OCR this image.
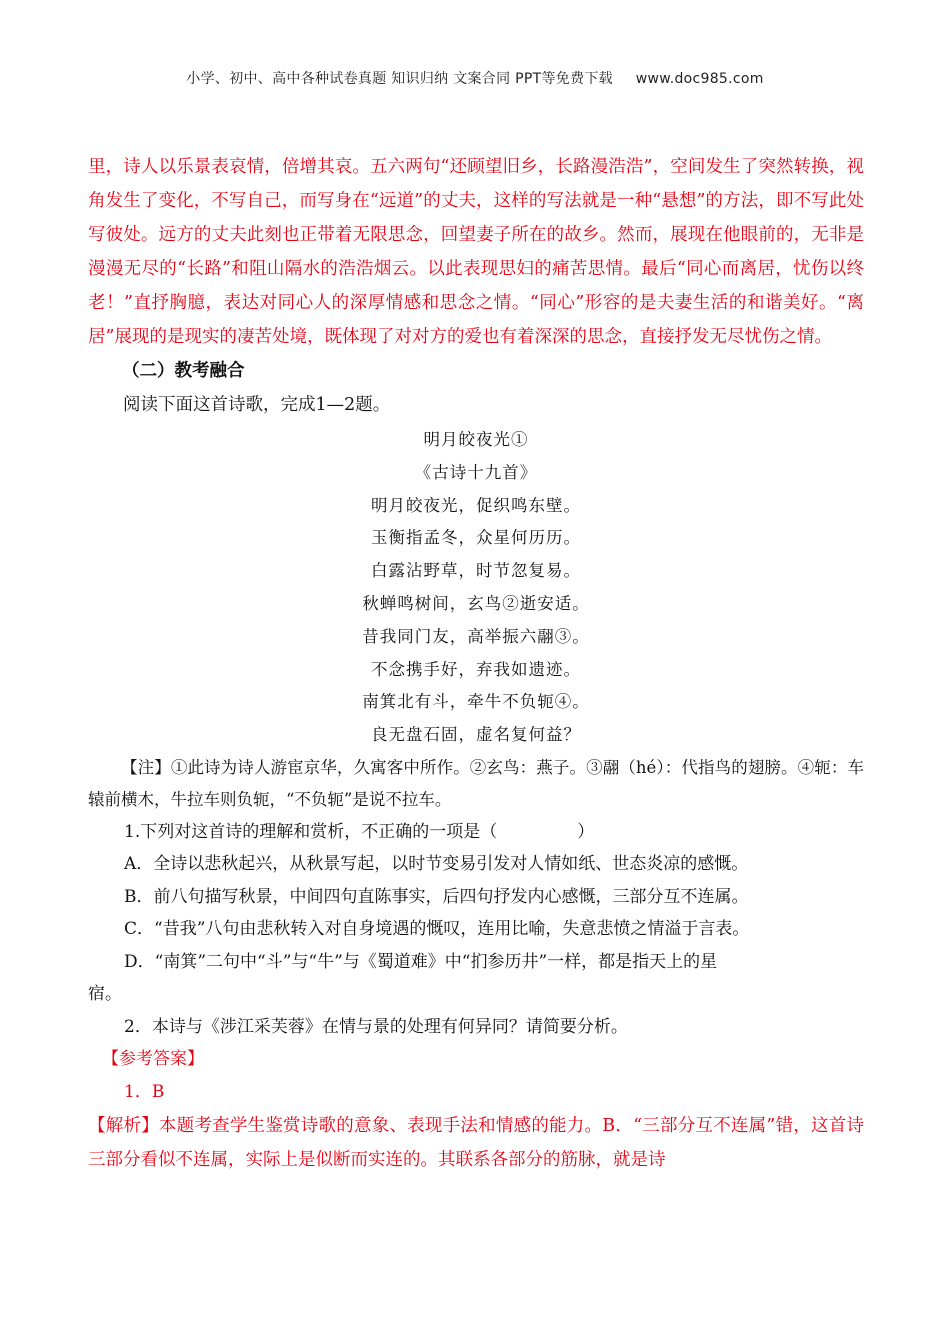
小学、初中、高中各种试卷真题 知识归纳 文案合同 PPT等免费下载 www.doc985.com

里，诗人以乐景表哀情，倍增其哀。五六两句“还顾望旧乡，长路漫浩浩”，空间发生了突然转换，视角发生了变化，不写自己，而写身在“远道”的丈夫，这样的写法就是一种“悬想”的方法，即不写此处写彼处。远方的丈夫此刻也正带着无限思念，回望妻子所在的故乡。然而，展现在他眼前的，无非是漫漫无尽的“长路”和阻山隔水的浩浩烟云。以此表现思妇的痛苦思情。最后“同心而离居，忧伤以终老！”直抒胸臆，表达对同心人的深厚情感和思念之情。“同心”形容的是夫妻生活的和谐美好。“离居”展现的是现实的凄苦处境，既体现了对对方的爱也有着深深的思念，直接抒发无尽忧伤之情。

（二）教考融合

阅读下面这首诗歌，完成1—2题。

明月皎夜光①
《古诗十九首》
明月皎夜光，促织鸣东壁。
玉衡指孟冬，众星何历历。
白露沾野草，时节忽复易。
秋蝉鸣树间，玄鸟②逝安适。
昔我同门友，高举振六翮③。
不念携手好，弃我如遗迹。
南箕北有斗，牵牛不负轭④。
良无盘石固，虚名复何益？

【注】①此诗为诗人游宦京华，久寓客中所作。②玄鸟：燕子。③翮（hé）：代指鸟的翅膀。④轭：车辕前横木，牛拉车则负轭，“不负轭”是说不拉车。

1.下列对这首诗的理解和赏析，不正确的一项是（	）

A．全诗以悲秋起兴，从秋景写起，以时节变易引发对人情如纸、世态炎凉的感慨。

B．前八句描写秋景，中间四句直陈事实，后四句抒发内心感慨，三部分互不连属。

C．“昔我”八句由悲秋转入对自身境遇的慨叹，连用比喻，失意悲愤之情溢于言表。

D．“南箕”二句中“斗”与“牛”与《蜀道难》中“扪参历井”一样，都是指天上的星

宿。

2．本诗与《涉江采芙蓉》在情与景的处理有何异同？请简要分析。

【参考答案】

1．B

【解析】本题考查学生鉴赏诗歌的意象、表现手法和情感的能力。B．“三部分互不连属”错，这首诗三部分看似不连属，实际上是似断而实连的。其联系各部分的筋脉，就是诗
